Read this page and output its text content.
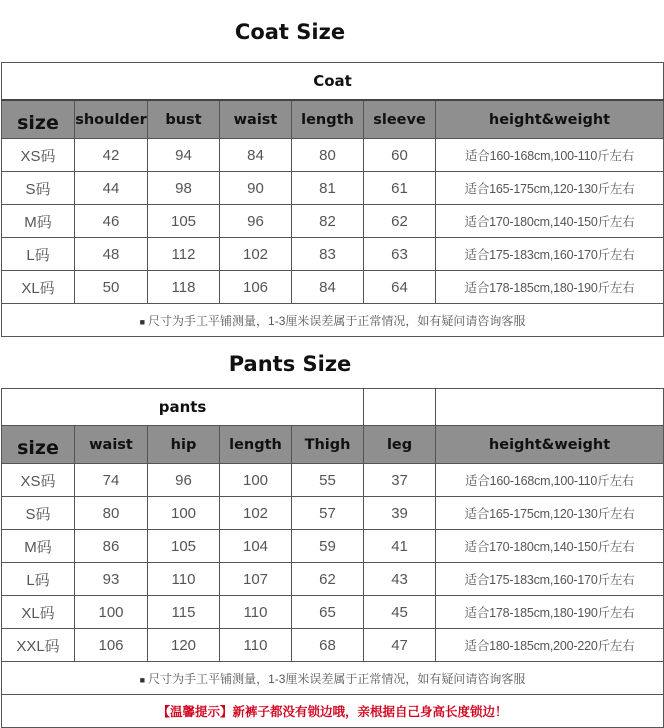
Coat Size
Coat						
size	shoulder	bust	waist	length	sleeve	height&weight
XS码	42	94	84	80	60	适合160-168cm,100-110斤左右
S码	44	98	90	81	61	适合165-175cm,120-130斤左右
M码	46	105	96	82	62	适合170-180cm,140-150斤左右
L码	48	112	102	83	63	适合175-183cm,160-170斤左右
XL码	50	118	106	84	64	适合178-185cm,180-190斤左右
■ 尺寸为手工平铺测量，1-3厘米误差属于正常情况，如有疑问请咨询客服						
Pants Size
pants						
size	waist	hip	length	Thigh	leg	height&weight
XS码	74	96	100	55	37	适合160-168cm,100-110斤左右
S码	80	100	102	57	39	适合165-175cm,120-130斤左右
M码	86	105	104	59	41	适合170-180cm,140-150斤左右
L码	93	110	107	62	43	适合175-183cm,160-170斤左右
XL码	100	115	110	65	45	适合178-185cm,180-190斤左右
XXL码	106	120	110	68	47	适合180-185cm,200-220斤左右
■ 尺寸为手工平铺测量，1-3厘米误差属于正常情况，如有疑问请咨询客服						
【温馨提示】新裤子都没有锁边哦，亲根据自己身高长度锁边！						
